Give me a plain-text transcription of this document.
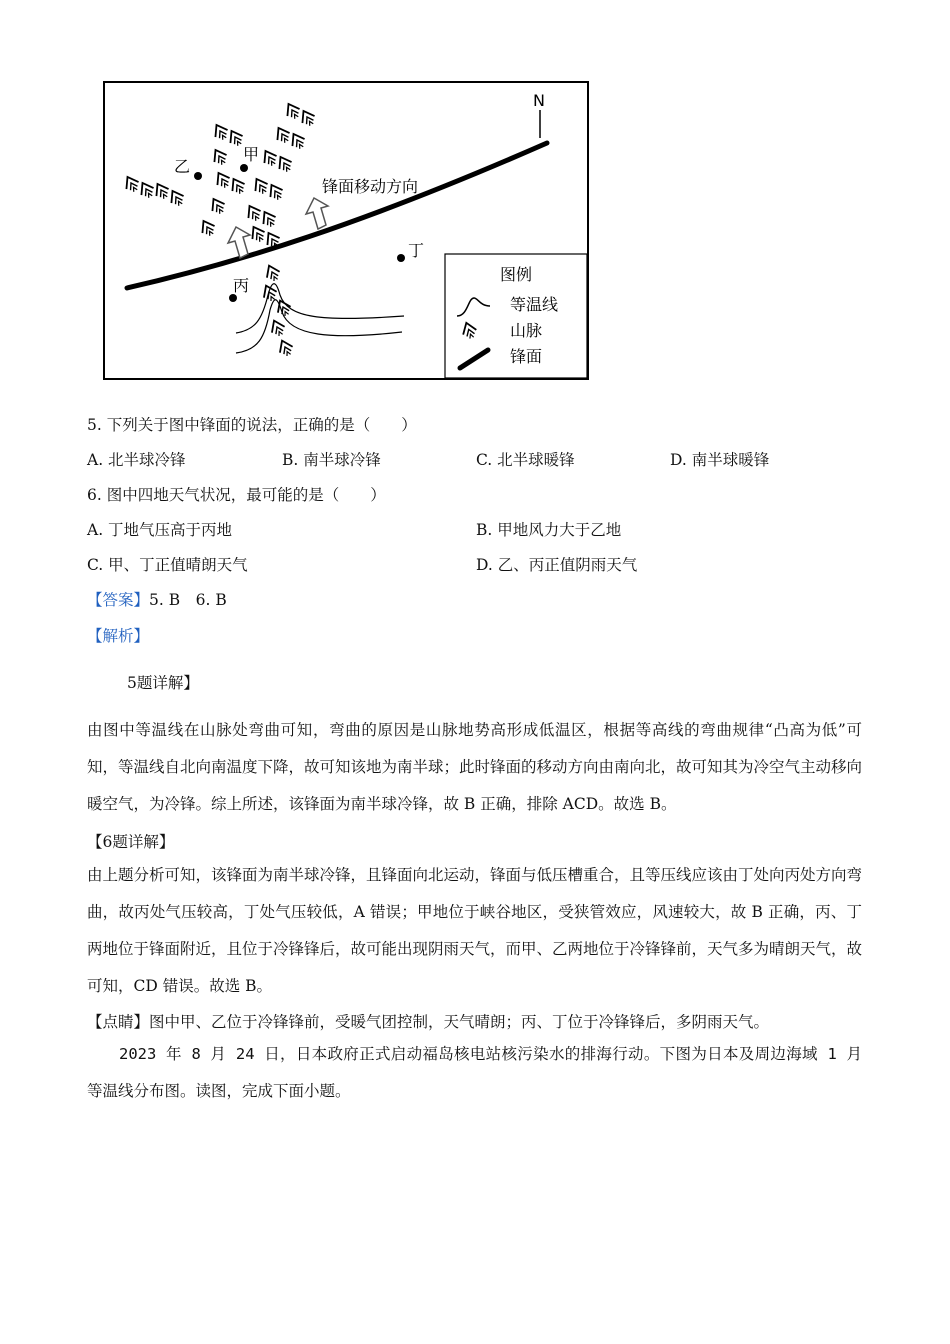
N
锋面移动方向
甲
乙
丙
丁
图例
等温线
山脉
锋面
5. 下列关于图中锋面的说法，正确的是（　　）
A. 北半球冷锋	B. 南半球冷锋	C. 北半球暖锋	D. 南半球暖锋
6. 图中四地天气状况，最可能的是（　　）
A. 丁地气压高于丙地	B. 甲地风力大于乙地
C. 甲、丁正值晴朗天气	D. 乙、丙正值阴雨天气
【答案】5. B　6. B
【解析】
5题详解】
由图中等温线在山脉处弯曲可知，弯曲的原因是山脉地势高形成低温区，根据等高线的弯曲规律“凸高为低”可知，等温线自北向南温度下降，故可知该地为南半球；此时锋面的移动方向由南向北，故可知其为冷空气主动移向暖空气，为冷锋。综上所述，该锋面为南半球冷锋，故 B 正确，排除 ACD。故选 B。
【6题详解】
由上题分析可知，该锋面为南半球冷锋，且锋面向北运动，锋面与低压槽重合，且等压线应该由丁处向丙处方向弯曲，故丙处气压较高，丁处气压较低，A 错误；甲地位于峡谷地区，受狭管效应，风速较大，故 B 正确，丙、丁两地位于锋面附近，且位于冷锋锋后，故可能出现阴雨天气，而甲、乙两地位于冷锋锋前，天气多为晴朗天气，故可知，CD 错误。故选 B。
【点睛】图中甲、乙位于冷锋锋前，受暖气团控制，天气晴朗；丙、丁位于冷锋锋后，多阴雨天气。
2023 年 8 月 24 日，日本政府正式启动福岛核电站核污染水的排海行动。下图为日本及周边海域 1 月等温线分布图。读图，完成下面小题。
